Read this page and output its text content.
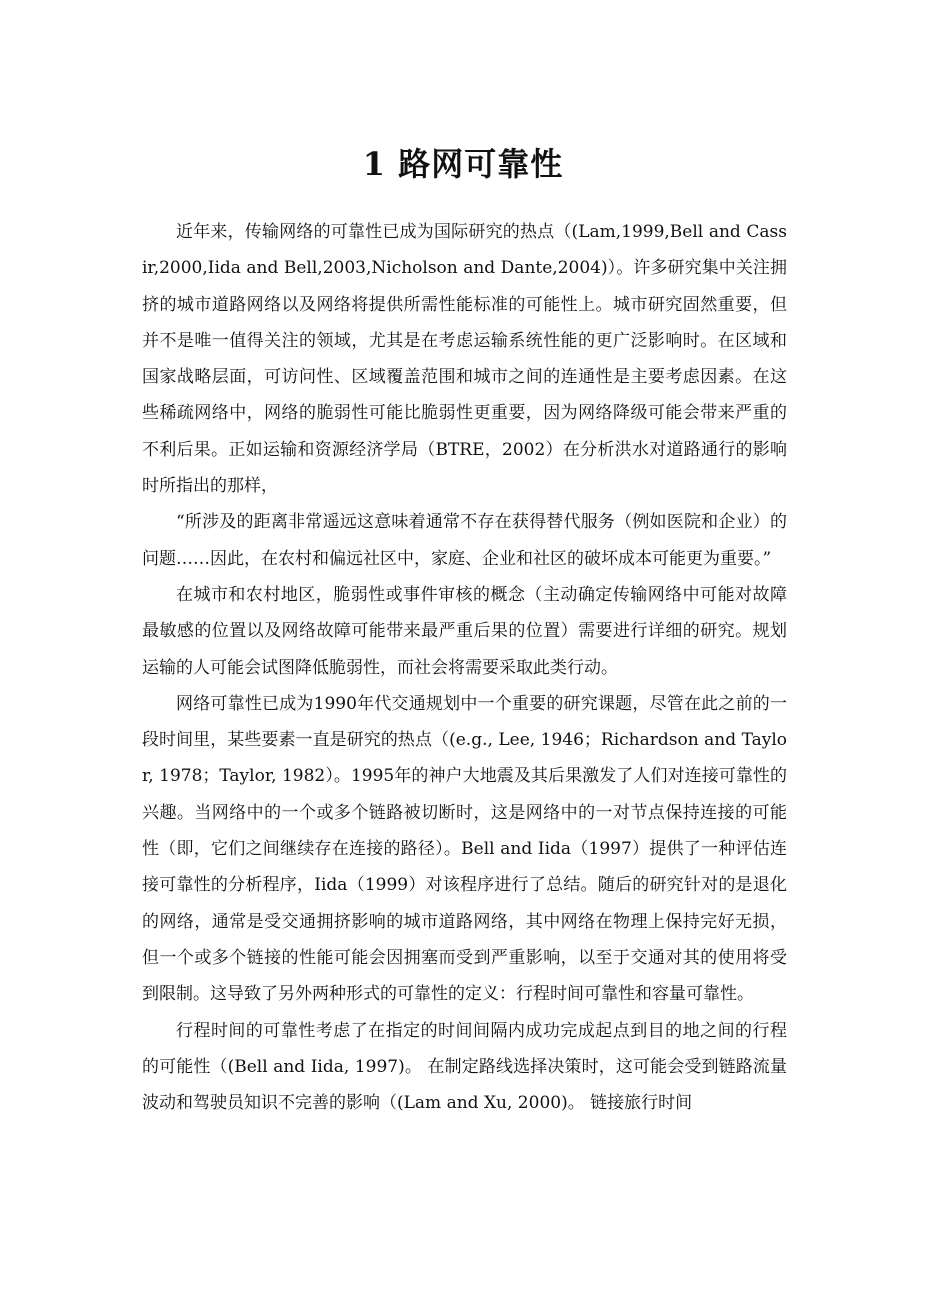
1 路网可靠性

近年来，传输网络的可靠性已成为国际研究的热点（(Lam,1999,Bell and Cassir,2000,Iida and Bell,2003,Nicholson and Dante,2004)）。许多研究集中关注拥挤的城市道路网络以及网络将提供所需性能标准的可能性上。城市研究固然重要，但并不是唯一值得关注的领域，尤其是在考虑运输系统性能的更广泛影响时。在区域和国家战略层面，可访问性、区域覆盖范围和城市之间的连通性是主要考虑因素。在这些稀疏网络中，网络的脆弱性可能比脆弱性更重要，因为网络降级可能会带来严重的不利后果。正如运输和资源经济学局（BTRE，2002）在分析洪水对道路通行的影响时所指出的那样，

“所涉及的距离非常遥远这意味着通常不存在获得替代服务（例如医院和企业）的问题……因此，在农村和偏远社区中，家庭、企业和社区的破坏成本可能更为重要。”

在城市和农村地区，脆弱性或事件审核的概念（主动确定传输网络中可能对故障最敏感的位置以及网络故障可能带来最严重后果的位置）需要进行详细的研究。规划运输的人可能会试图降低脆弱性，而社会将需要采取此类行动。

网络可靠性已成为1990年代交通规划中一个重要的研究课题，尽管在此之前的一段时间里，某些要素一直是研究的热点（(e.g., Lee, 1946；Richardson and Taylor, 1978；Taylor, 1982）。1995年的神户大地震及其后果激发了人们对连接可靠性的兴趣。当网络中的一个或多个链路被切断时，这是网络中的一对节点保持连接的可能性（即，它们之间继续存在连接的路径）。Bell and Iida（1997）提供了一种评估连接可靠性的分析程序，Iida（1999）对该程序进行了总结。随后的研究针对的是退化的网络，通常是受交通拥挤影响的城市道路网络，其中网络在物理上保持完好无损，但一个或多个链接的性能可能会因拥塞而受到严重影响，以至于交通对其的使用将受到限制。这导致了另外两种形式的可靠性的定义：行程时间可靠性和容量可靠性。

行程时间的可靠性考虑了在指定的时间间隔内成功完成起点到目的地之间的行程的可能性（(Bell and Iida, 1997)。 在制定路线选择决策时，这可能会受到链路流量波动和驾驶员知识不完善的影响（(Lam and Xu, 2000)。 链接旅行时间
